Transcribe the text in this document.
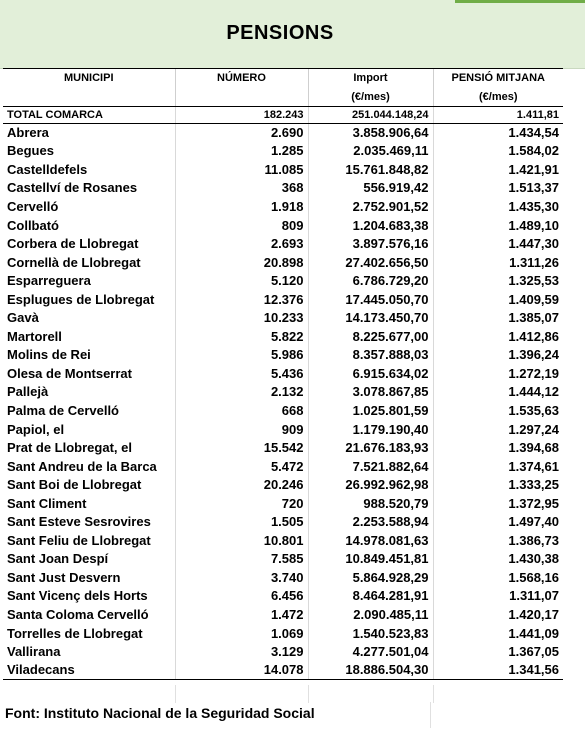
PENSIONS
MUNICIPI	NÚMERO	Import	PENSIÓ MITJANA
		(€/mes)	(€/mes)
TOTAL COMARCA	182.243	251.044.148,24	1.411,81
Abrera	2.690	3.858.906,64	1.434,54
Begues	1.285	2.035.469,11	1.584,02
Castelldefels	11.085	15.761.848,82	1.421,91
Castellví de Rosanes	368	556.919,42	1.513,37
Cervelló	1.918	2.752.901,52	1.435,30
Collbató	809	1.204.683,38	1.489,10
Corbera de Llobregat	2.693	3.897.576,16	1.447,30
Cornellà de Llobregat	20.898	27.402.656,50	1.311,26
Esparreguera	5.120	6.786.729,20	1.325,53
Esplugues de Llobregat	12.376	17.445.050,70	1.409,59
Gavà	10.233	14.173.450,70	1.385,07
Martorell	5.822	8.225.677,00	1.412,86
Molins de Rei	5.986	8.357.888,03	1.396,24
Olesa de Montserrat	5.436	6.915.634,02	1.272,19
Pallejà	2.132	3.078.867,85	1.444,12
Palma de Cervelló	668	1.025.801,59	1.535,63
Papiol, el	909	1.179.190,40	1.297,24
Prat de Llobregat, el	15.542	21.676.183,93	1.394,68
Sant Andreu de la Barca	5.472	7.521.882,64	1.374,61
Sant Boi de Llobregat	20.246	26.992.962,98	1.333,25
Sant Climent	720	988.520,79	1.372,95
Sant Esteve Sesrovires	1.505	2.253.588,94	1.497,40
Sant Feliu de Llobregat	10.801	14.978.081,63	1.386,73
Sant Joan Despí	7.585	10.849.451,81	1.430,38
Sant Just Desvern	3.740	5.864.928,29	1.568,16
Sant Vicenç dels Horts	6.456	8.464.281,91	1.311,07
Santa Coloma Cervelló	1.472	2.090.485,11	1.420,17
Torrelles de Llobregat	1.069	1.540.523,83	1.441,09
Vallirana	3.129	4.277.501,04	1.367,05
Viladecans	14.078	18.886.504,30	1.341,56
Font: Instituto Nacional de la Seguridad Social
